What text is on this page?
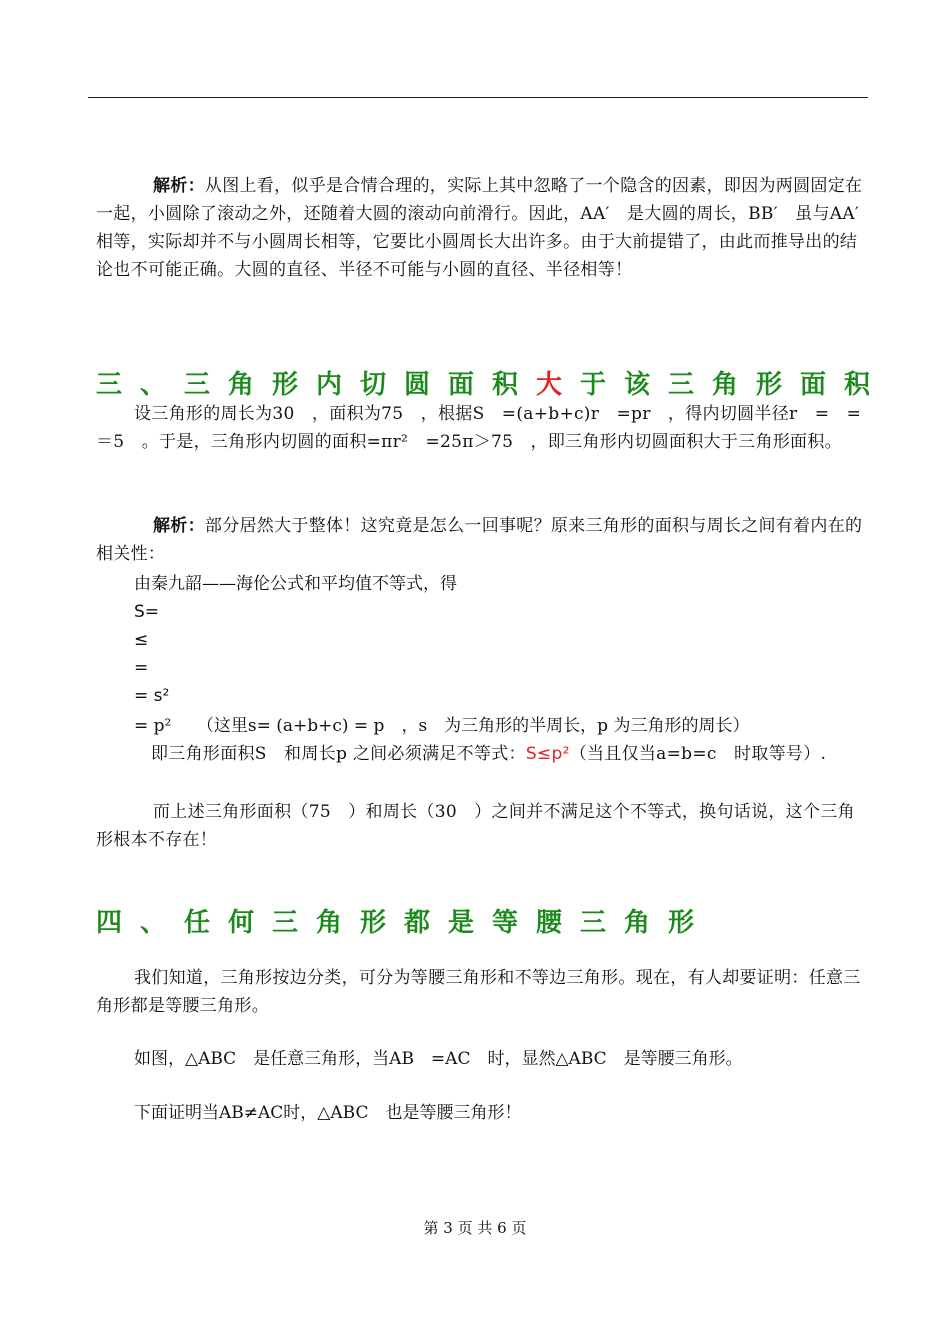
解析：从图上看，似乎是合情合理的，实际上其中忽略了一个隐含的因素，即因为两圆固定在一起，小圆除了滚动之外，还随着大圆的滚动向前滑行。因此，AA′　是大圆的周长，BB′　虽与AA′　相等，实际却并不与小圆周长相等，它要比小圆周长大出许多。由于大前提错了，由此而推导出的结论也不可能正确。大圆的直径、半径不可能与小圆的直径、半径相等！
三、三角形内切圆面积大于该三角形面积
设三角形的周长为30　，面积为75　，根据S　=(a+b+c)r　=pr　，得内切圆半径r　=　=＝5　。于是，三角形内切圆的面积=πr²　=25π＞75　，即三角形内切圆面积大于三角形面积。
解析：部分居然大于整体！这究竟是怎么一回事呢？原来三角形的面积与周长之间有着内在的相关性：
由秦九韶——海伦公式和平均值不等式，得
S=
≤
=
= s²
= p²　　（这里s= (a+b+c) = p　，s　为三角形的半周长，p 为三角形的周长）
即三角形面积S　和周长p 之间必须满足不等式：S≤p²（当且仅当a=b=c　时取等号）.
而上述三角形面积（75　）和周长（30　）之间并不满足这个不等式，换句话说，这个三角形根本不存在！
四、任何三角形都是等腰三角形
我们知道，三角形按边分类，可分为等腰三角形和不等边三角形。现在，有人却要证明：任意三角形都是等腰三角形。
如图，△ABC　是任意三角形，当AB　=AC　时，显然△ABC　是等腰三角形。
下面证明当AB≠AC时，△ABC　也是等腰三角形！
第 3 页 共 6 页
